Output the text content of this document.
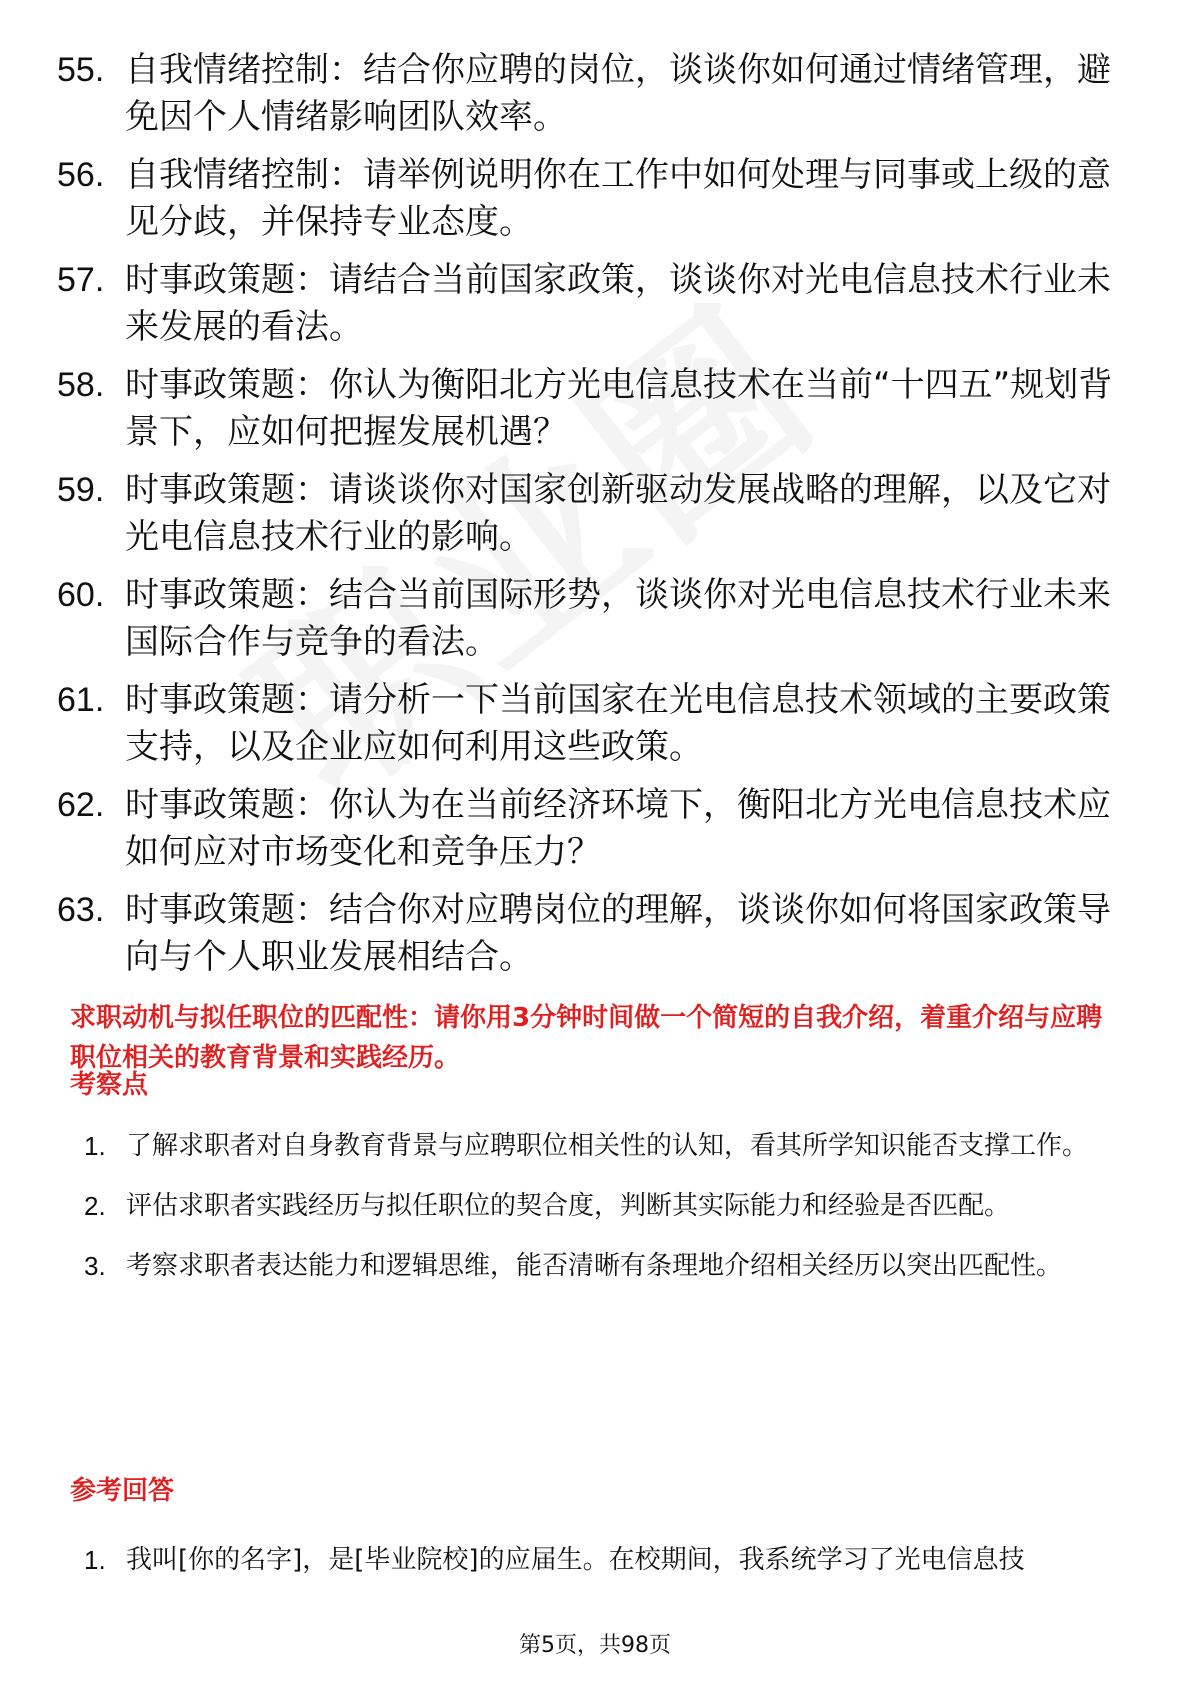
55. 自我情绪控制：结合你应聘的岗位，谈谈你如何通过情绪管理，避免因个人情绪影响团队效率。
56. 自我情绪控制：请举例说明你在工作中如何处理与同事或上级的意见分歧，并保持专业态度。
57. 时事政策题：请结合当前国家政策，谈谈你对光电信息技术行业未来发展的看法。
58. 时事政策题：你认为衡阳北方光电信息技术在当前“十四五”规划背景下，应如何把握发展机遇？
59. 时事政策题：请谈谈你对国家创新驱动发展战略的理解，以及它对光电信息技术行业的影响。
60. 时事政策题：结合当前国际形势，谈谈你对光电信息技术行业未来国际合作与竞争的看法。
61. 时事政策题：请分析一下当前国家在光电信息技术领域的主要政策支持，以及企业应如何利用这些政策。
62. 时事政策题：你认为在当前经济环境下，衡阳北方光电信息技术应如何应对市场变化和竞争压力？
63. 时事政策题：结合你对应聘岗位的理解，谈谈你如何将国家政策导向与个人职业发展相结合。
求职动机与拟任职位的匹配性：请你用3分钟时间做一个简短的自我介绍，着重介绍与应聘职位相关的教育背景和实践经历。
考察点
1. 了解求职者对自身教育背景与应聘职位相关性的认知，看其所学知识能否支撑工作。
2. 评估求职者实践经历与拟任职位的契合度，判断其实际能力和经验是否匹配。
3. 考察求职者表达能力和逻辑思维，能否清晰有条理地介绍相关经历以突出匹配性。
参考回答
1. 我叫[你的名字]，是[毕业院校]的应届生。在校期间，我系统学习了光电信息技
第5页，共98页
